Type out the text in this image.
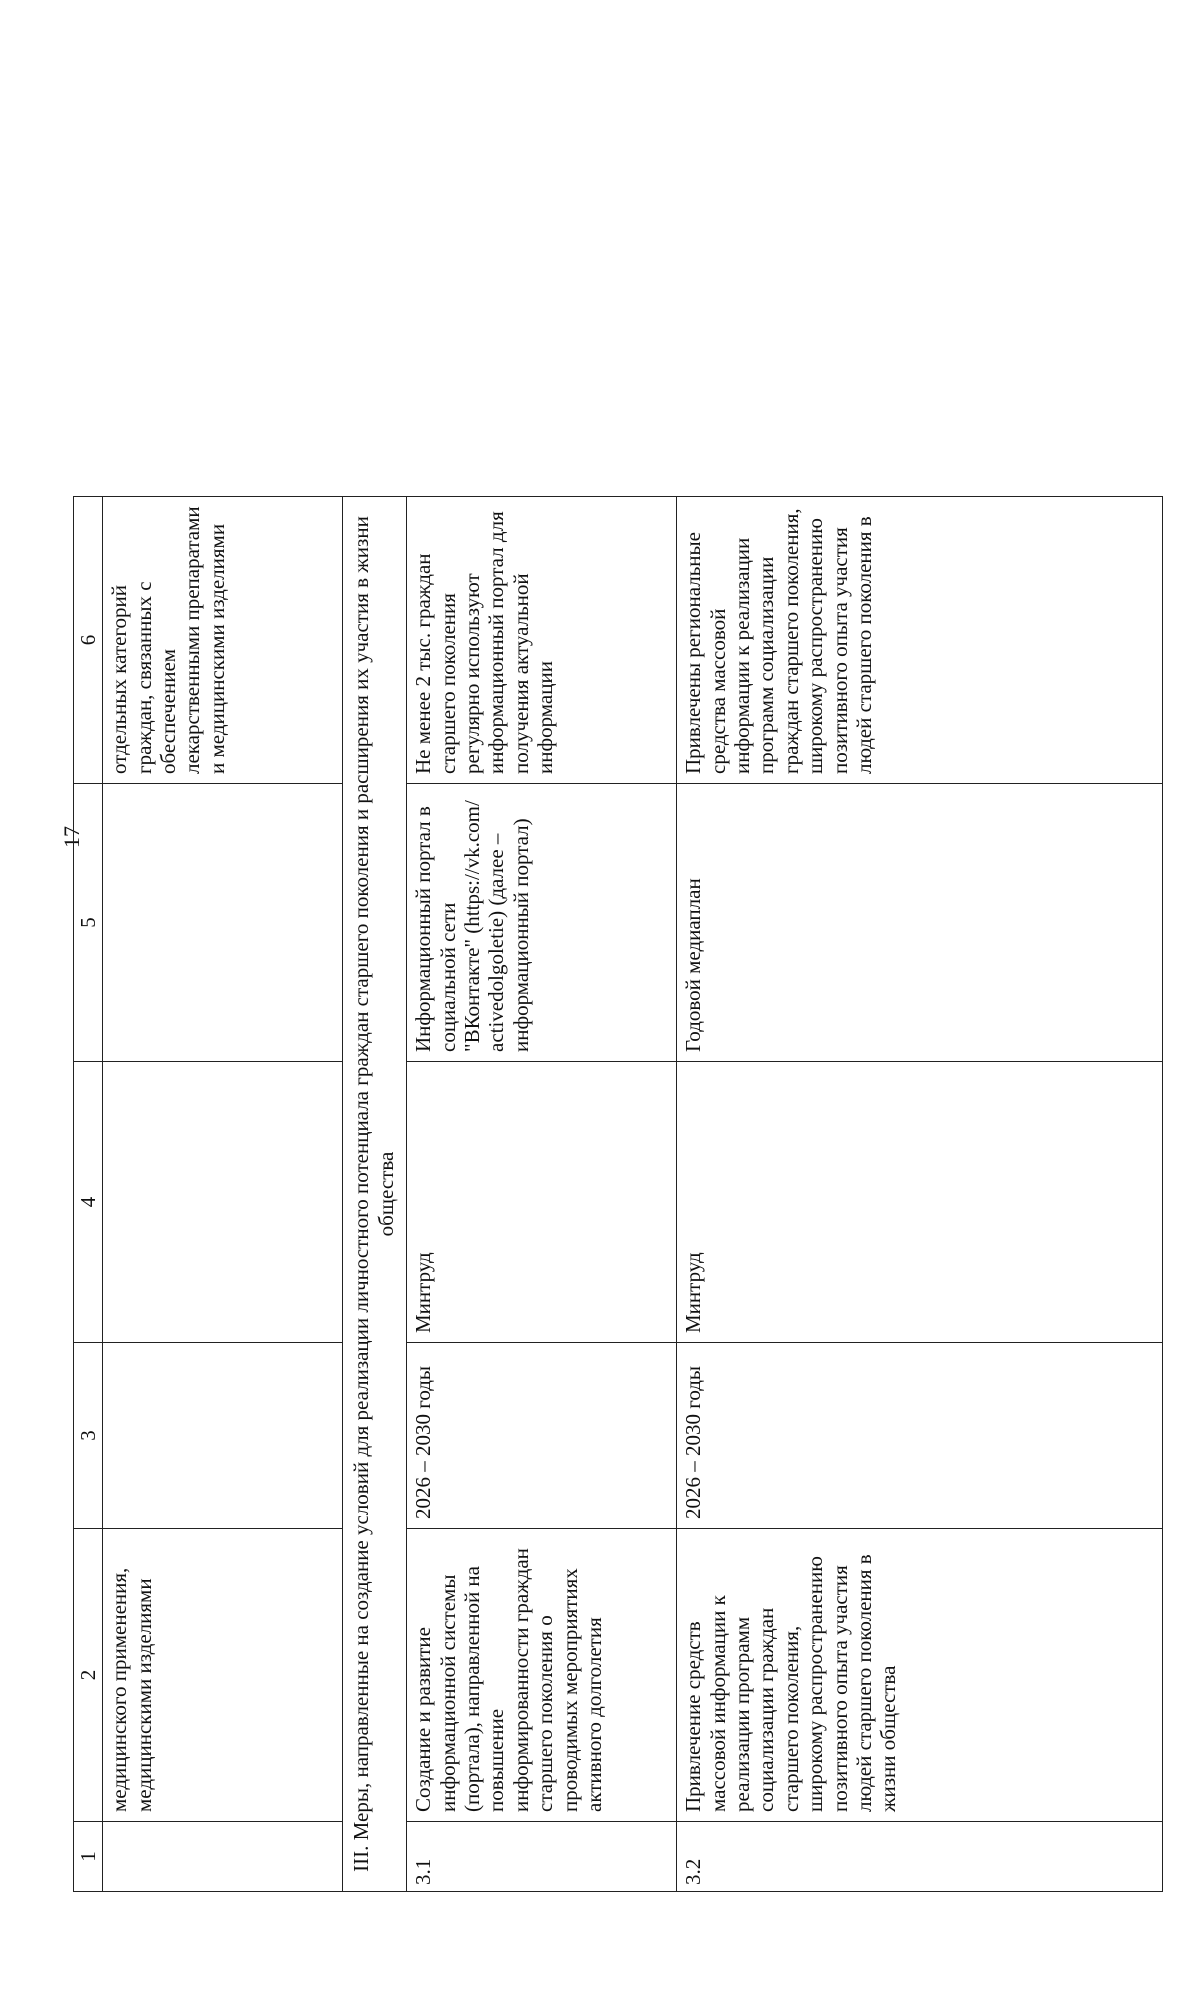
17
1	2	3	4	5	6
	медицинского применения, медицинскими изделиями				отдельных категорий граждан, связанных с обеспечением лекарственными препаратами и медицинскими изделиями
III. Меры, направленные на создание условий для реализации личностного потенциала граждан старшего поколения и расширения их участия в жизни общества					
3.1	Создание и развитие информационной системы (портала), направленной на повышение информированности граждан старшего поколения о проводимых мероприятиях активного долголетия	2026 – 2030 годы	Минтруд	Информационный портал в социальной сети "ВКонтакте" (https://vk.com/ activedolgoletie) (далее – информационный портал)	Не менее 2 тыс. граждан старшего поколения регулярно используют информационный портал для получения актуальной информации
3.2	Привлечение средств массовой информации к реализации программ социализации граждан старшего поколения, широкому распространению позитивного опыта участия людей старшего поколения в жизни общества	2026 – 2030 годы	Минтруд	Годовой медиаплан	Привлечены региональные средства массовой информации к реализации программ социализации граждан старшего поколения, широкому распространению позитивного опыта участия людей старшего поколения в
